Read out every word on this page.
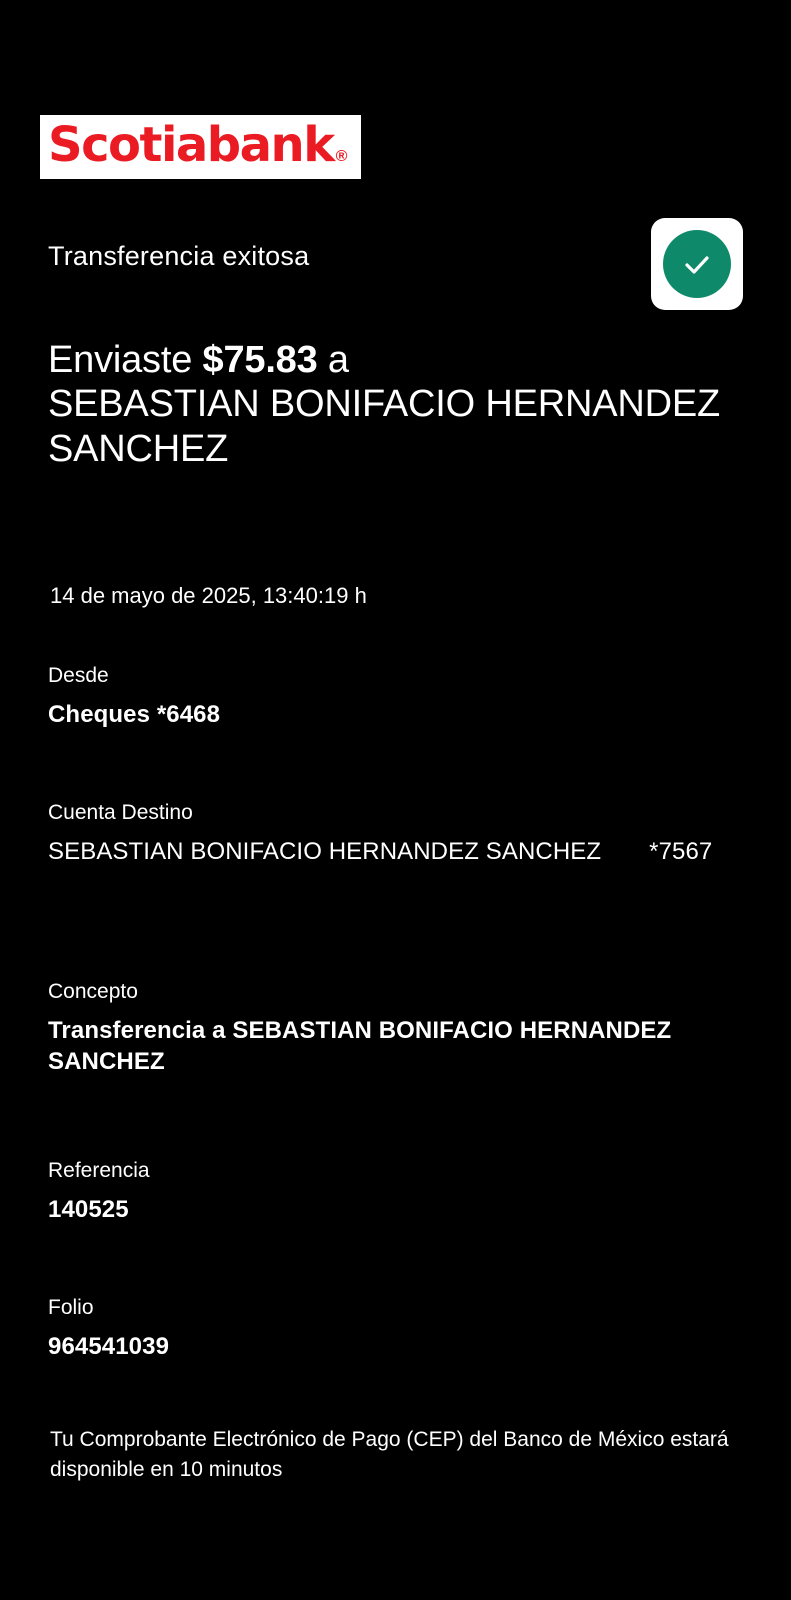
Scotiabank ®
Transferencia exitosa
Enviaste $75.83 a
SEBASTIAN BONIFACIO HERNANDEZ SANCHEZ
14 de mayo de 2025, 13:40:19 h
Desde
Cheques *6468
Cuenta Destino
SEBASTIAN BONIFACIO HERNANDEZ SANCHEZ *7567
Concepto
Transferencia a SEBASTIAN BONIFACIO HERNANDEZ SANCHEZ
Referencia
140525
Folio
964541039
Tu Comprobante Electrónico de Pago (CEP) del Banco de México estará disponible en 10 minutos
